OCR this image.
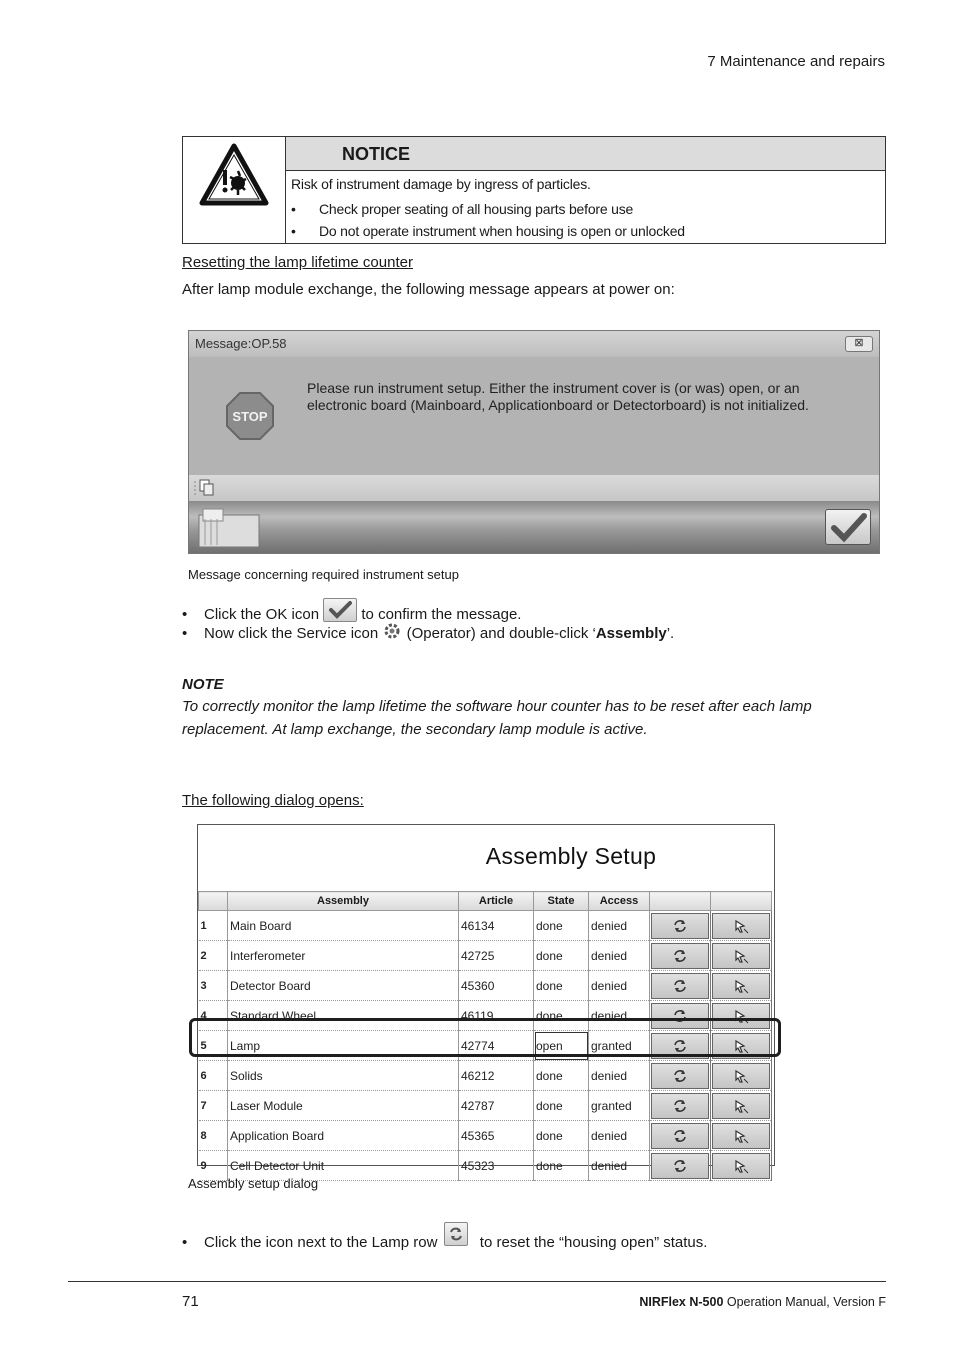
7 Maintenance and repairs
NOTICE
Risk of instrument damage by ingress of particles.
• Check proper seating of all housing parts before use
• Do not operate instrument when housing is open or unlocked
Resetting the lamp lifetime counter
After lamp module exchange, the following message appears at power on:
Message:OP.58	⊠
STOP
Please run instrument setup. Either the instrument cover is (or was) open, or an electronic board (Mainboard, Applicationboard or Detectorboard) is not initialized.
Message concerning required instrument setup
• Click the OK icon  to confirm the message.
• Now click the Service icon  (Operator) and double-click ‘Assembly’.
NOTE
To correctly monitor the lamp lifetime the software hour counter has to be reset after each lamp replacement. At lamp exchange, the secondary lamp module is active.
The following dialog opens:
Assembly Setup
	Assembly	Article	State	Access		
1	Main Board	46134	done	denied	

2	Interferometer	42725	done	denied	

3	Detector Board	45360	done	denied	

4	Standard Wheel	46119	done	denied	

5	Lamp	42774	open	granted	

6	Solids	46212	done	denied	

7	Laser Module	42787	done	granted	

8	Application Board	45365	done	denied	

9	Cell Detector Unit	45323	done	denied	

Assembly setup dialog
• Click the icon next to the Lamp row  to reset the “housing open” status.
71	NIRFlex N-500 Operation Manual, Version F
